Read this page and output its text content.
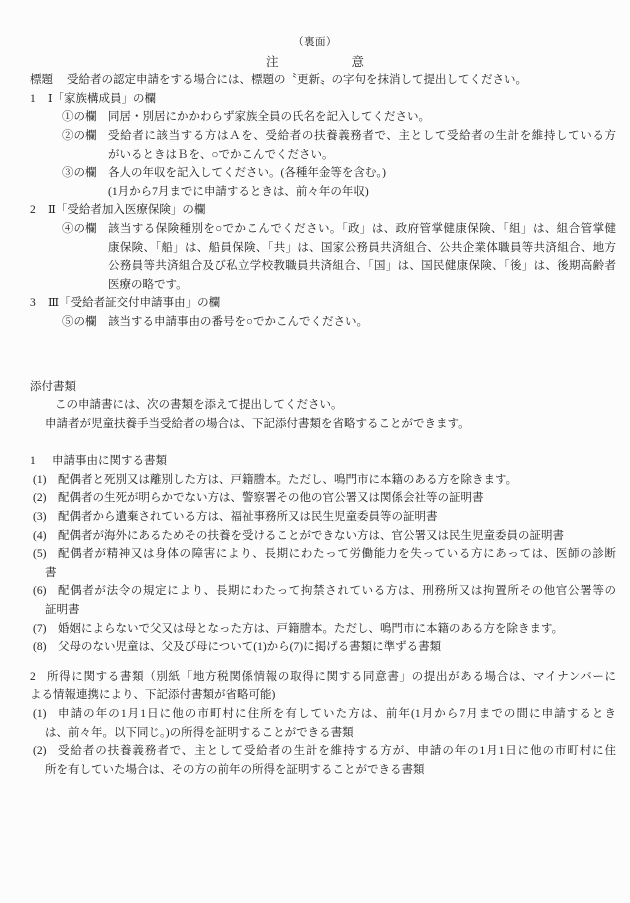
（裏面）
注	意
標題 受給者の認定申請をする場合には、標題の〝更新〟の字句を抹消して提出してください。
1 Ⅰ「家族構成員」の欄
①の欄 同居・別居にかかわらず家族全員の氏名を記入してください。
②の欄 受給者に該当する方はＡを、受給者の扶養義務者で、主として受給者の生計を維持している方
がいるときはＢを、○でかこんでください。
③の欄 各人の年収を記入してください。(各種年金等を含む。)
(1月から7月までに申請するときは、前々年の年収)
2 Ⅱ「受給者加入医療保険」の欄
④の欄 該当する保険種別を○でかこんでください。「政」は、政府管掌健康保険、「組」は、組合管掌健
康保険、「船」は、船員保険、「共」は、国家公務員共済組合、公共企業体職員等共済組合、地方
公務員等共済組合及び私立学校教職員共済組合、「国」は、国民健康保険、「後」は、後期高齢者
医療の略です。
3 Ⅲ「受給者証交付申請事由」の欄
⑤の欄 該当する申請事由の番号を○でかこんでください。
添付書類
この申請書には、次の書類を添えて提出してください。
申請者が児童扶養手当受給者の場合は、下記添付書類を省略することができます。
1 申請事由に関する書類
(1) 配偶者と死別又は離別した方は、戸籍謄本。ただし、鳴門市に本籍のある方を除きます。
(2) 配偶者の生死が明らかでない方は、警察署その他の官公署又は関係会社等の証明書
(3) 配偶者から遺棄されている方は、福祉事務所又は民生児童委員等の証明書
(4) 配偶者が海外にあるためその扶養を受けることができない方は、官公署又は民生児童委員の証明書
(5) 配偶者が精神又は身体の障害により、長期にわたって労働能力を失っている方にあっては、医師の診断
書
(6) 配偶者が法令の規定により、長期にわたって拘禁されている方は、刑務所又は拘置所その他官公署等の
証明書
(7) 婚姻によらないで父又は母となった方は、戸籍謄本。ただし、鳴門市に本籍のある方を除きます。
(8) 父母のない児童は、父及び母について(1)から(7)に掲げる書類に準ずる書類
2 所得に関する書類（別紙「地方税関係情報の取得に関する同意書」の提出がある場合は、マイナンバーに
よる情報連携により、下記添付書類が省略可能)
(1) 申請の年の1月1日に他の市町村に住所を有していた方は、前年(1月から7月までの間に申請するとき
は、前々年。以下同じ。)の所得を証明することができる書類
(2) 受給者の扶養義務者で、主として受給者の生計を維持する方が、申請の年の1月1日に他の市町村に住
所を有していた場合は、その方の前年の所得を証明することができる書類
